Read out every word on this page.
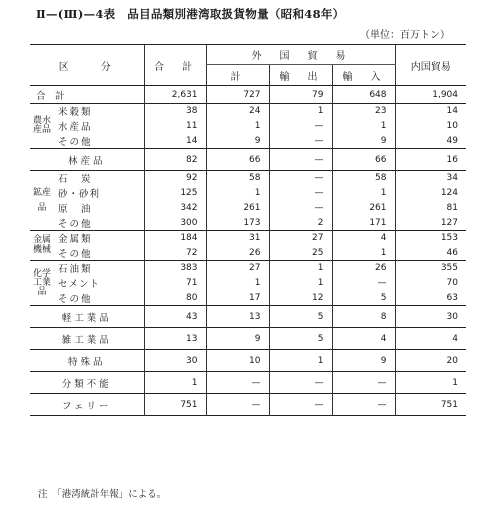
Ⅱ—(Ⅲ)—4表　品目品類別港湾取扱貨物量（昭和48年）
（単位：百万トン）
区　　分		合　計	外　国　貿　易			内国貿易
			計	輸　出	輸　入	
合　計		2,631	727	79	648	1,904
農水産品	米穀類	38	24	1	23	14
	水産品	11	1	—	1	10
	その他	14	9	—	9	49
林産品		82	66	—	66	16
鉱産品	石　炭	92	58	—	58	34
	砂・砂利	125	1	—	1	124
	原　油	342	261	—	261	81
	その他	300	173	2	171	127
金属機械	金属類	184	31	27	4	153
	その他	72	26	25	1	46
化学工業品	石油類	383	27	1	26	355
	セメント	71	1	1	—	70
	その他	80	17	12	5	63
軽工業品		43	13	5	8	30
雑工業品		13	9	5	4	4
特殊品		30	10	1	9	20
分類不能		1	—	—	—	1
フェリー		751	—	—	—	751
注　「港湾統計年報」による。
